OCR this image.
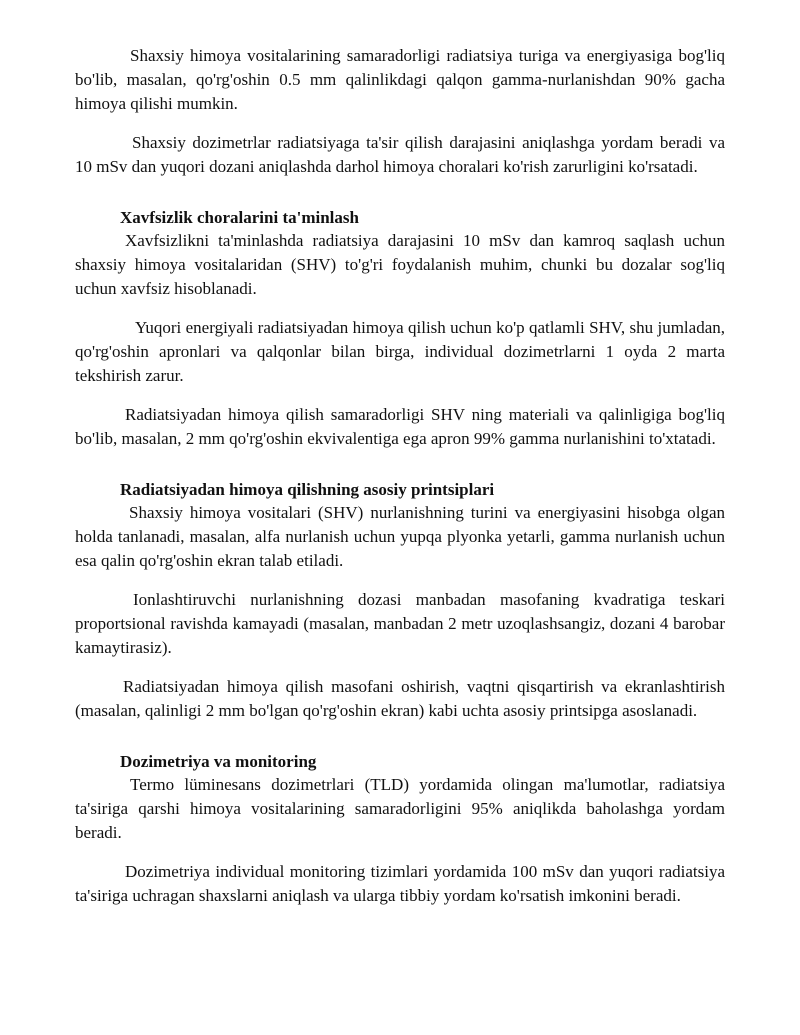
Shaxsiy himoya vositalarining samaradorligi radiatsiya turiga va energiyasiga bog'liq bo'lib, masalan, qo'rg'oshin 0.5 mm qalinlikdagi qalqon gamma-nurlanishdan 90% gacha himoya qilishi mumkin.

Shaxsiy dozimetrlar radiatsiyaga ta'sir qilish darajasini aniqlashga yordam beradi va 10 mSv dan yuqori dozani aniqlashda darhol himoya choralari ko'rish zarurligini ko'rsatadi.

Xavfsizlik choralarini ta'minlash

Xavfsizlikni ta'minlashda radiatsiya darajasini 10 mSv dan kamroq saqlash uchun shaxsiy himoya vositalaridan (SHV) to'g'ri foydalanish muhim, chunki bu dozalar sog'liq uchun xavfsiz hisoblanadi.

Yuqori energiyali radiatsiyadan himoya qilish uchun ko'p qatlamli SHV, shu jumladan, qo'rg'oshin apronlari va qalqonlar bilan birga, individual dozimetrlarni 1 oyda 2 marta tekshirish zarur.

Radiatsiyadan himoya qilish samaradorligi SHV ning materiali va qalinligiga bog'liq bo'lib, masalan, 2 mm qo'rg'oshin ekvivalentiga ega apron 99% gamma nurlanishini to'xtatadi.

Radiatsiyadan himoya qilishning asosiy printsiplari

Shaxsiy himoya vositalari (SHV) nurlanishning turini va energiyasini hisobga olgan holda tanlanadi, masalan, alfa nurlanish uchun yupqa plyonka yetarli, gamma nurlanish uchun esa qalin qo'rg'oshin ekran talab etiladi.

Ionlashtiruvchi nurlanishning dozasi manbadan masofaning kvadratiga teskari proportsional ravishda kamayadi (masalan, manbadan 2 metr uzoqlashsangiz, dozani 4 barobar kamaytirasiz).

Radiatsiyadan himoya qilish masofani oshirish, vaqtni qisqartirish va ekranlashtirish (masalan, qalinligi 2 mm bo'lgan qo'rg'oshin ekran) kabi uchta asosiy printsipga asoslanadi.

Dozimetriya va monitoring

Termo lüminesans dozimetrlari (TLD) yordamida olingan ma'lumotlar, radiatsiya ta'siriga qarshi himoya vositalarining samaradorligini 95% aniqlikda baholashga yordam beradi.

Dozimetriya individual monitoring tizimlari yordamida 100 mSv dan yuqori radiatsiya ta'siriga uchragan shaxslarni aniqlash va ularga tibbiy yordam ko'rsatish imkonini beradi.
